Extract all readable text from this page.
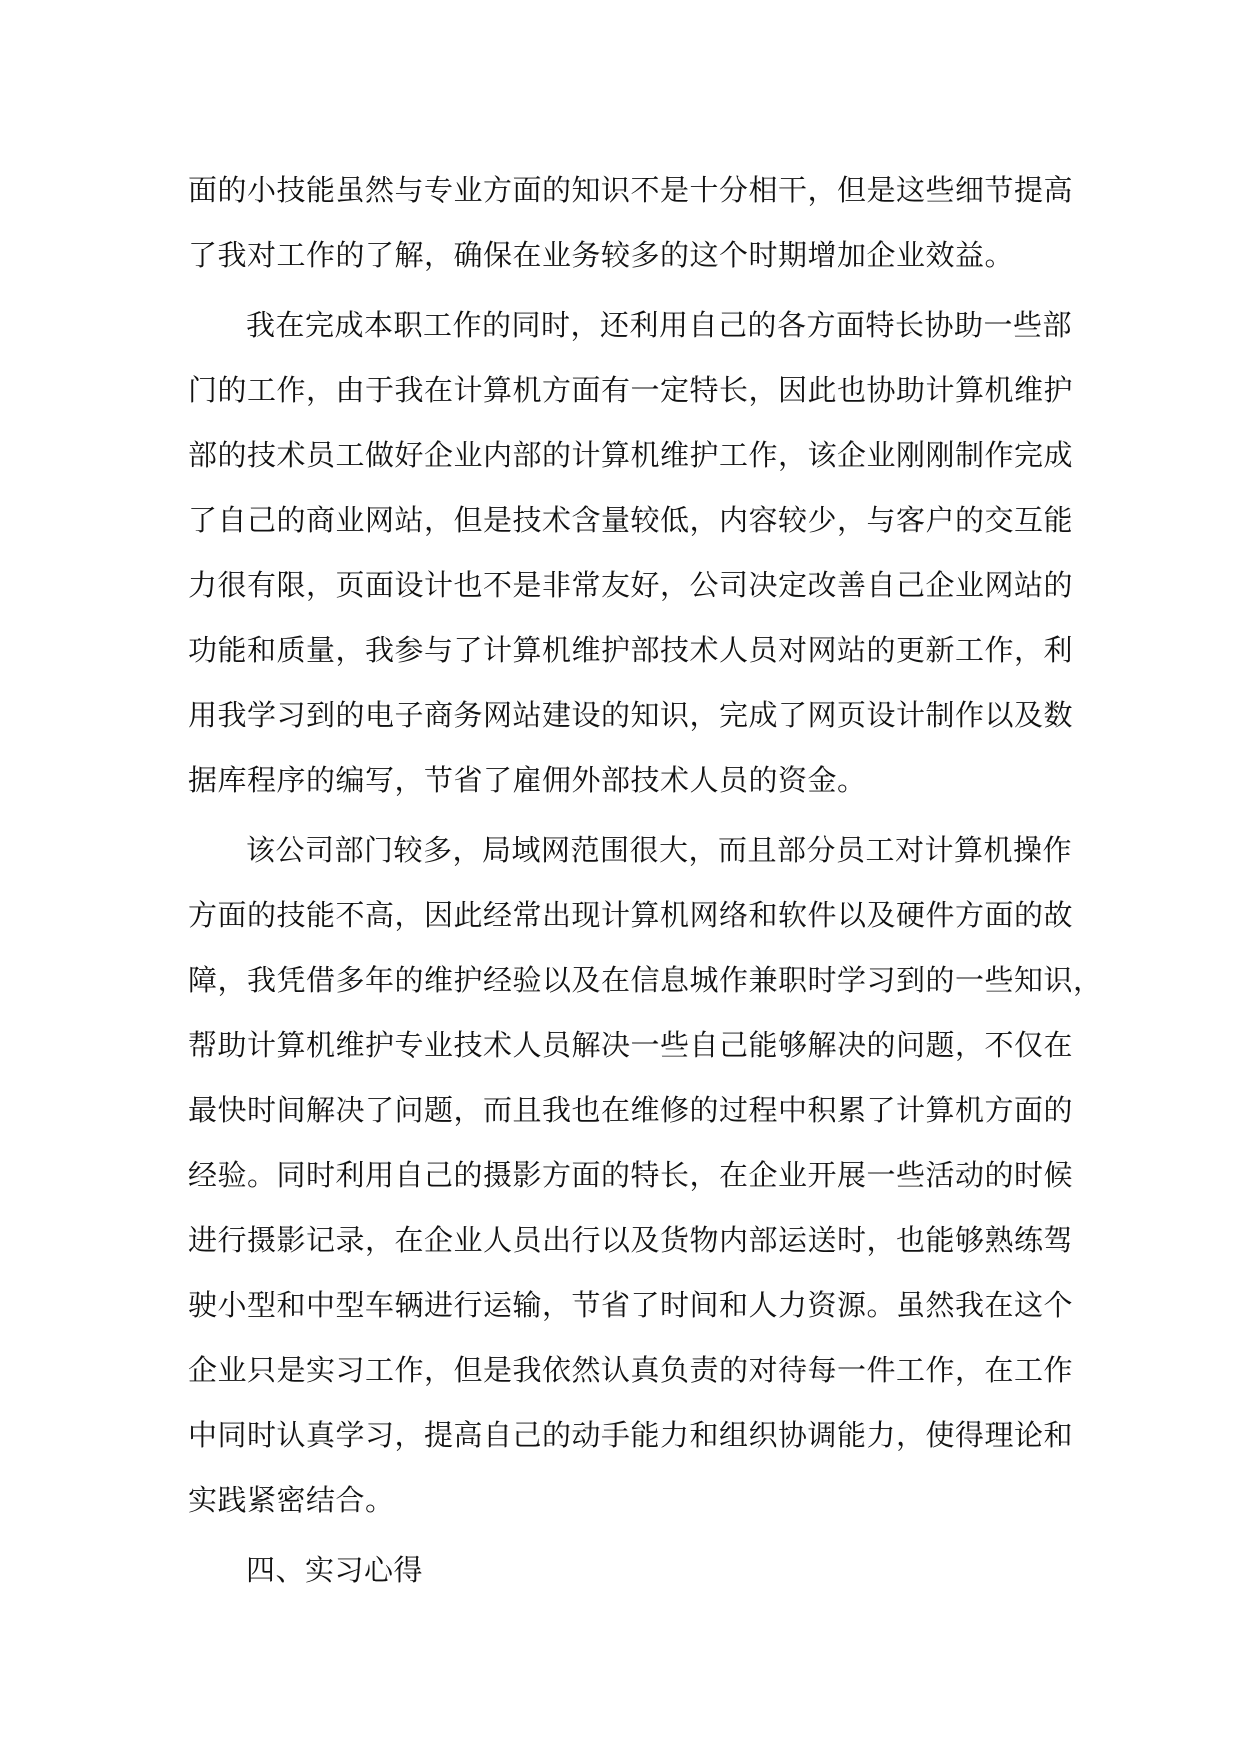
面的小技能虽然与专业方面的知识不是十分相干，但是这些细节提高
了我对工作的了解，确保在业务较多的这个时期增加企业效益。
我在完成本职工作的同时，还利用自己的各方面特长协助一些部
门的工作，由于我在计算机方面有一定特长，因此也协助计算机维护
部的技术员工做好企业内部的计算机维护工作，该企业刚刚制作完成
了自己的商业网站，但是技术含量较低，内容较少，与客户的交互能
力很有限，页面设计也不是非常友好，公司决定改善自己企业网站的
功能和质量，我参与了计算机维护部技术人员对网站的更新工作，利
用我学习到的电子商务网站建设的知识，完成了网页设计制作以及数
据库程序的编写，节省了雇佣外部技术人员的资金。
该公司部门较多，局域网范围很大，而且部分员工对计算机操作
方面的技能不高，因此经常出现计算机网络和软件以及硬件方面的故
障，我凭借多年的维护经验以及在信息城作兼职时学习到的一些知识，
帮助计算机维护专业技术人员解决一些自己能够解决的问题，不仅在
最快时间解决了问题，而且我也在维修的过程中积累了计算机方面的
经验。同时利用自己的摄影方面的特长，在企业开展一些活动的时候
进行摄影记录，在企业人员出行以及货物内部运送时，也能够熟练驾
驶小型和中型车辆进行运输，节省了时间和人力资源。虽然我在这个
企业只是实习工作，但是我依然认真负责的对待每一件工作，在工作
中同时认真学习，提高自己的动手能力和组织协调能力，使得理论和
实践紧密结合。
四、实习心得
